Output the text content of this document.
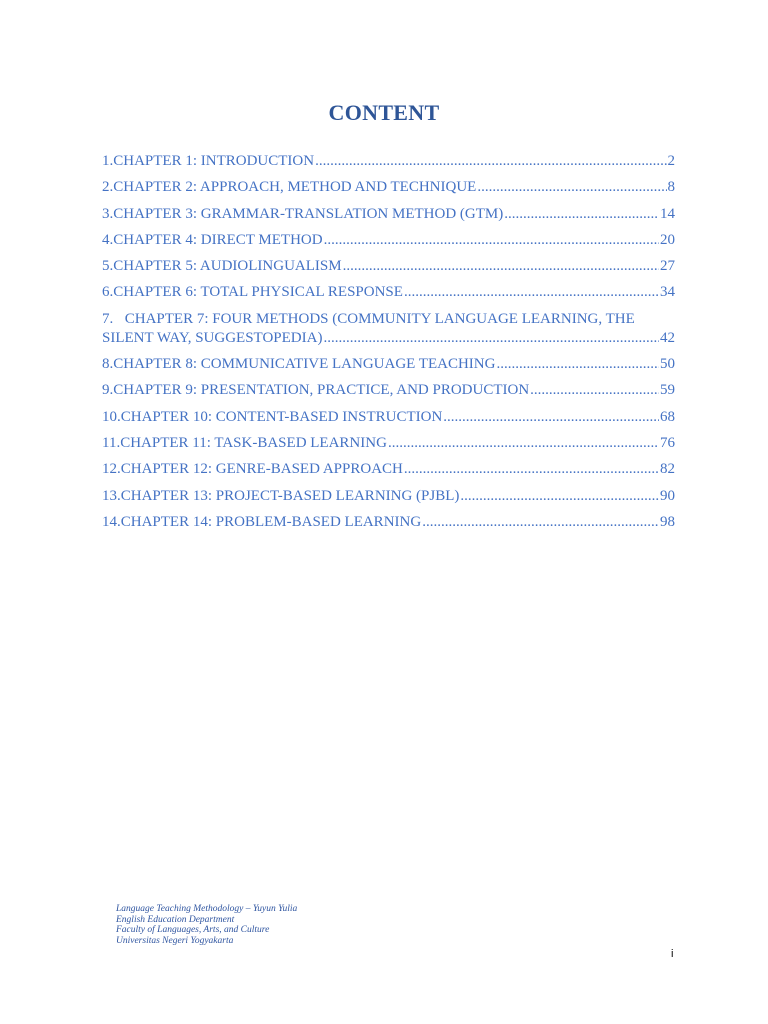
CONTENT
1. CHAPTER 1: INTRODUCTION .....	2
2. CHAPTER 2: APPROACH, METHOD AND TECHNIQUE .....	8
3. CHAPTER 3: GRAMMAR-TRANSLATION METHOD (GTM) .....	14
4. CHAPTER 4: DIRECT METHOD .....	20
5. CHAPTER 5: AUDIOLINGUALISM .....	27
6. CHAPTER 6: TOTAL PHYSICAL RESPONSE .....	34
7. CHAPTER 7: FOUR METHODS (COMMUNITY LANGUAGE LEARNING, THE
SILENT WAY, SUGGESTOPEDIA) .....	42
8. CHAPTER 8: COMMUNICATIVE LANGUAGE TEACHING .....	50
9. CHAPTER 9: PRESENTATION, PRACTICE, AND PRODUCTION .....	59
10. CHAPTER 10: CONTENT-BASED INSTRUCTION .....	68
11. CHAPTER 11: TASK-BASED LEARNING .....	76
12. CHAPTER 12: GENRE-BASED APPROACH .....	82
13. CHAPTER 13: PROJECT-BASED LEARNING (PJBL) .....	90
14. CHAPTER 14: PROBLEM-BASED LEARNING .....	98
Language Teaching Methodology – Yuyun Yulia
English Education Department
Faculty of Languages, Arts, and Culture
Universitas Negeri Yogyakarta
i
